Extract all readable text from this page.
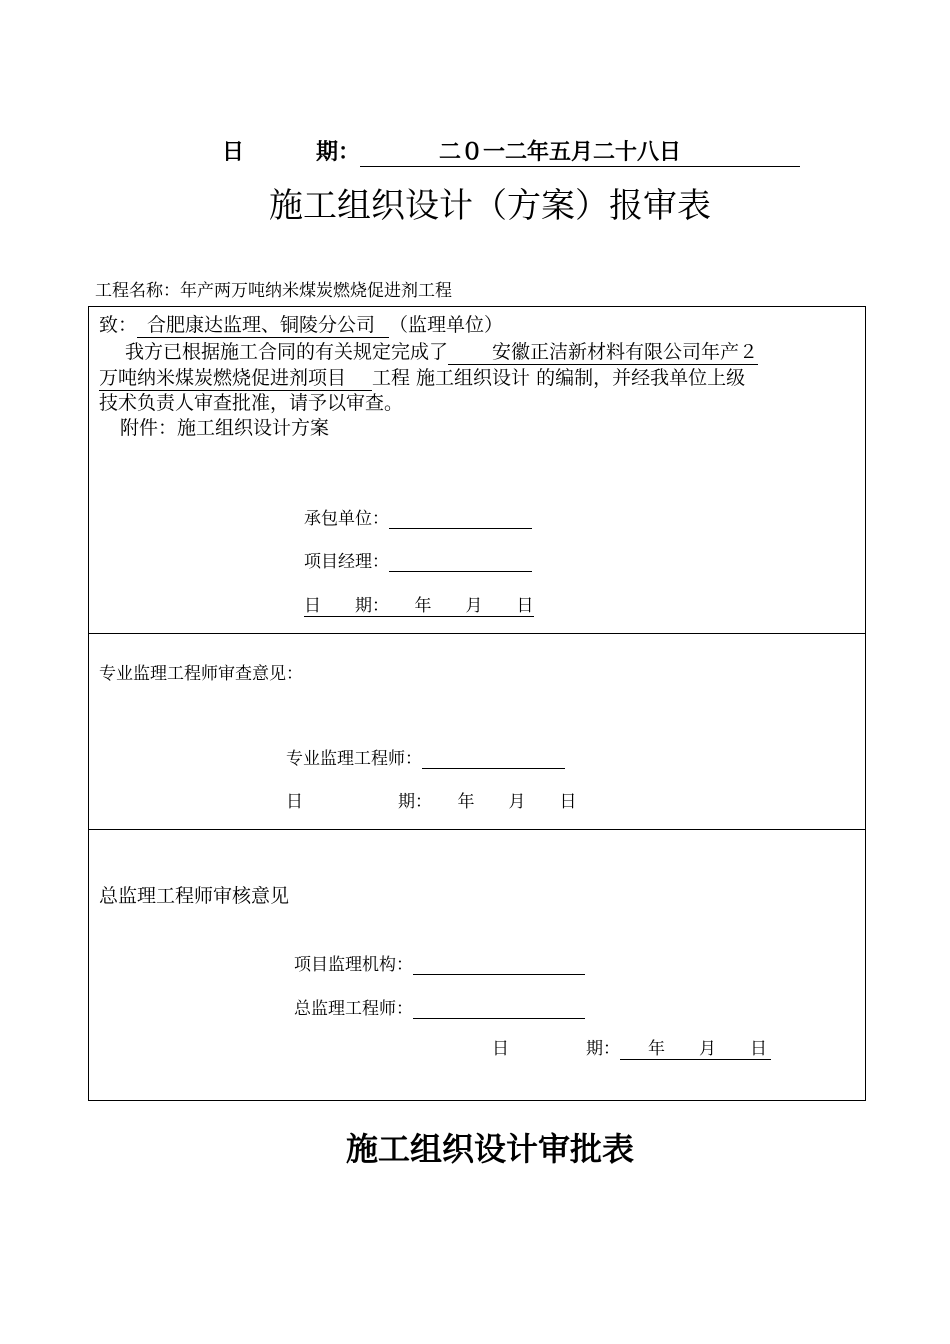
日	期：	二０一二年五月二十八日
施工组织设计（方案）报审表
工程名称：年产两万吨纳米煤炭燃烧促进剂工程
致： 合肥康达监理、铜陵分公司 （监理单位）
我方已根据施工合同的有关规定完成了 安徽正洁新材料有限公司年产２
万吨纳米煤炭燃烧促进剂项目 工程 施工组织设计 的编制，并经我单位上级
技术负责人审查批准，请予以审查。
附件：施工组织设计方案
承包单位：
项目经理：
日　　期：　　年　　月　　日
专业监理工程师审查意见：
专业监理工程师：
日	期：　　年　　月　　日
总监理工程师审核意见
项目监理机构：
总监理工程师：
日	期： 年　　月　　日
施工组织设计审批表
